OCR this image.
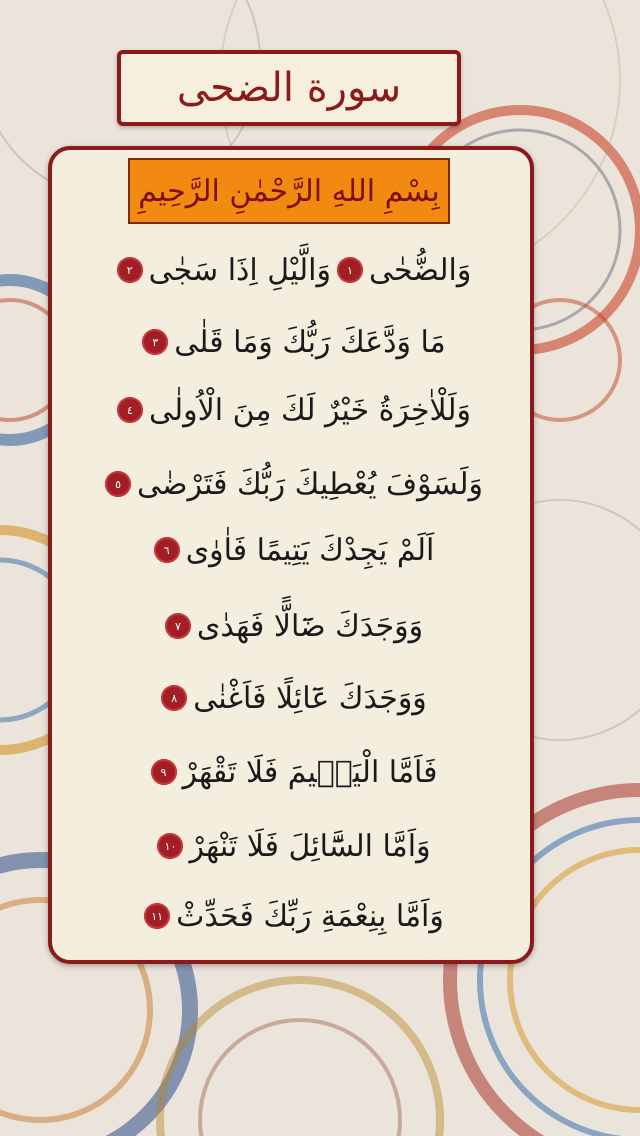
سورة الضحى
بِسْمِ اللهِ الرَّحْمٰنِ الرَّحِيمِ
وَالضُّحٰى
١
وَالَّيْلِ اِذَا سَجٰى
٢
مَا وَدَّعَكَ رَبُّكَ وَمَا قَلٰى
٣
وَلَلْاٰخِرَةُ خَيْرٌ لَكَ مِنَ الْاُولٰى
٤
وَلَسَوْفَ يُعْطِيكَ رَبُّكَ فَتَرْضٰى
٥
اَلَمْ يَجِدْكَ يَتِيمًا فَاٰوٰى
٦
وَوَجَدَكَ ضَٓالًّا فَهَدٰى
٧
وَوَجَدَكَ عَٓائِلًا فَاَغْنٰى
٨
فَاَمَّا الْيَت۪يمَ فَلَا تَقْهَرْ
٩
وَاَمَّا السَّٓائِلَ فَلَا تَنْهَرْ
١٠
وَاَمَّا بِنِعْمَةِ رَبِّكَ فَحَدِّثْ
١١
